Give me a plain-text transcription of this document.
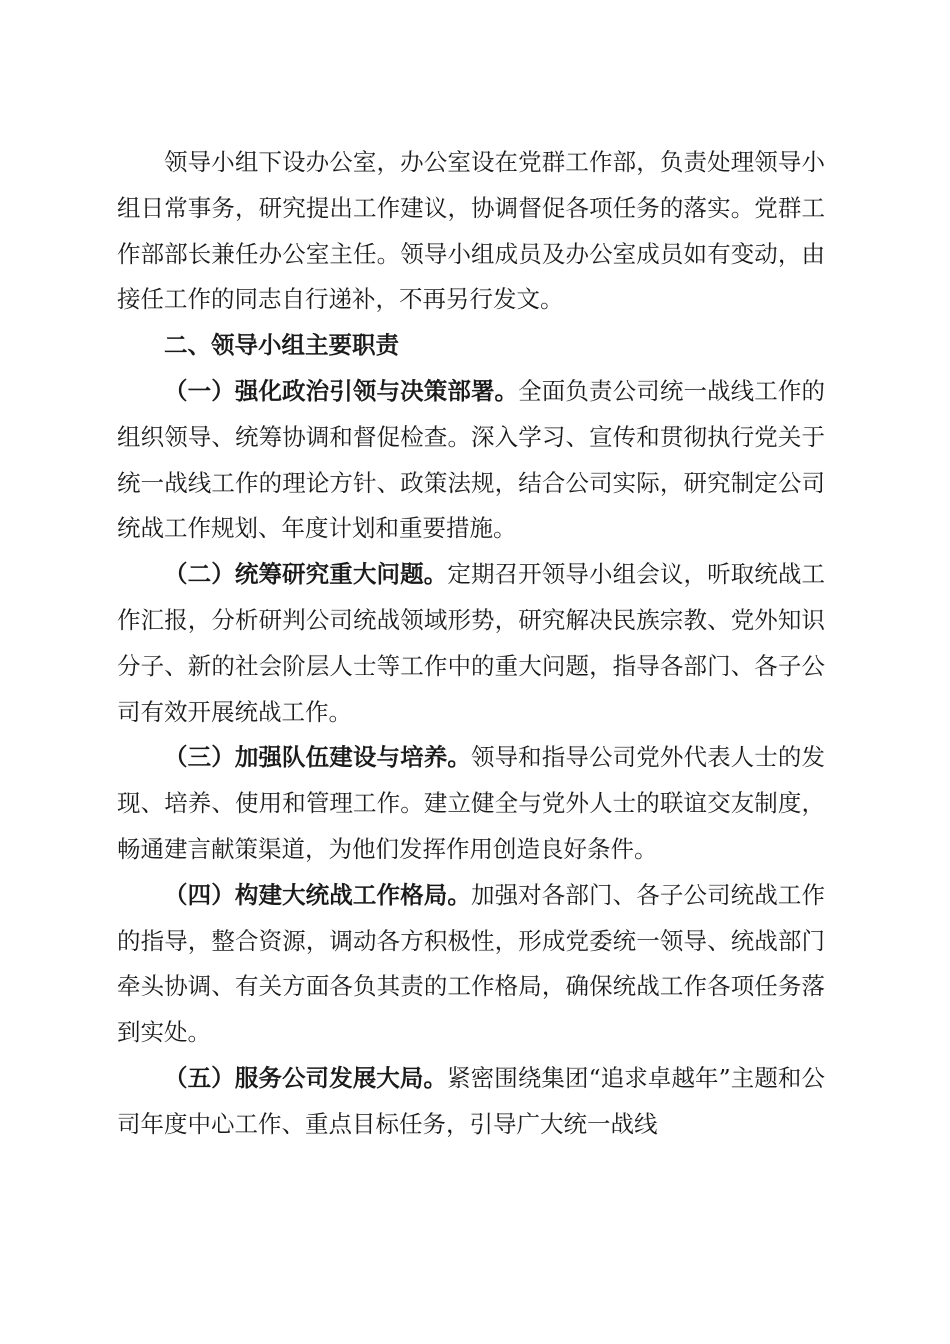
领导小组下设办公室，办公室设在党群工作部，负责处理领导小组日常事务，研究提出工作建议，协调督促各项任务的落实。党群工作部部长兼任办公室主任。领导小组成员及办公室成员如有变动，由接任工作的同志自行递补，不再另行发文。

二、领导小组主要职责

（一）强化政治引领与决策部署。全面负责公司统一战线工作的组织领导、统筹协调和督促检查。深入学习、宣传和贯彻执行党关于统一战线工作的理论方针、政策法规，结合公司实际，研究制定公司统战工作规划、年度计划和重要措施。

（二）统筹研究重大问题。定期召开领导小组会议，听取统战工作汇报，分析研判公司统战领域形势，研究解决民族宗教、党外知识分子、新的社会阶层人士等工作中的重大问题，指导各部门、各子公司有效开展统战工作。

（三）加强队伍建设与培养。领导和指导公司党外代表人士的发现、培养、使用和管理工作。建立健全与党外人士的联谊交友制度，畅通建言献策渠道，为他们发挥作用创造良好条件。

（四）构建大统战工作格局。加强对各部门、各子公司统战工作的指导，整合资源，调动各方积极性，形成党委统一领导、统战部门牵头协调、有关方面各负其责的工作格局，确保统战工作各项任务落到实处。

（五）服务公司发展大局。紧密围绕集团“追求卓越年”主题和公司年度中心工作、重点目标任务，引导广大统一战线
